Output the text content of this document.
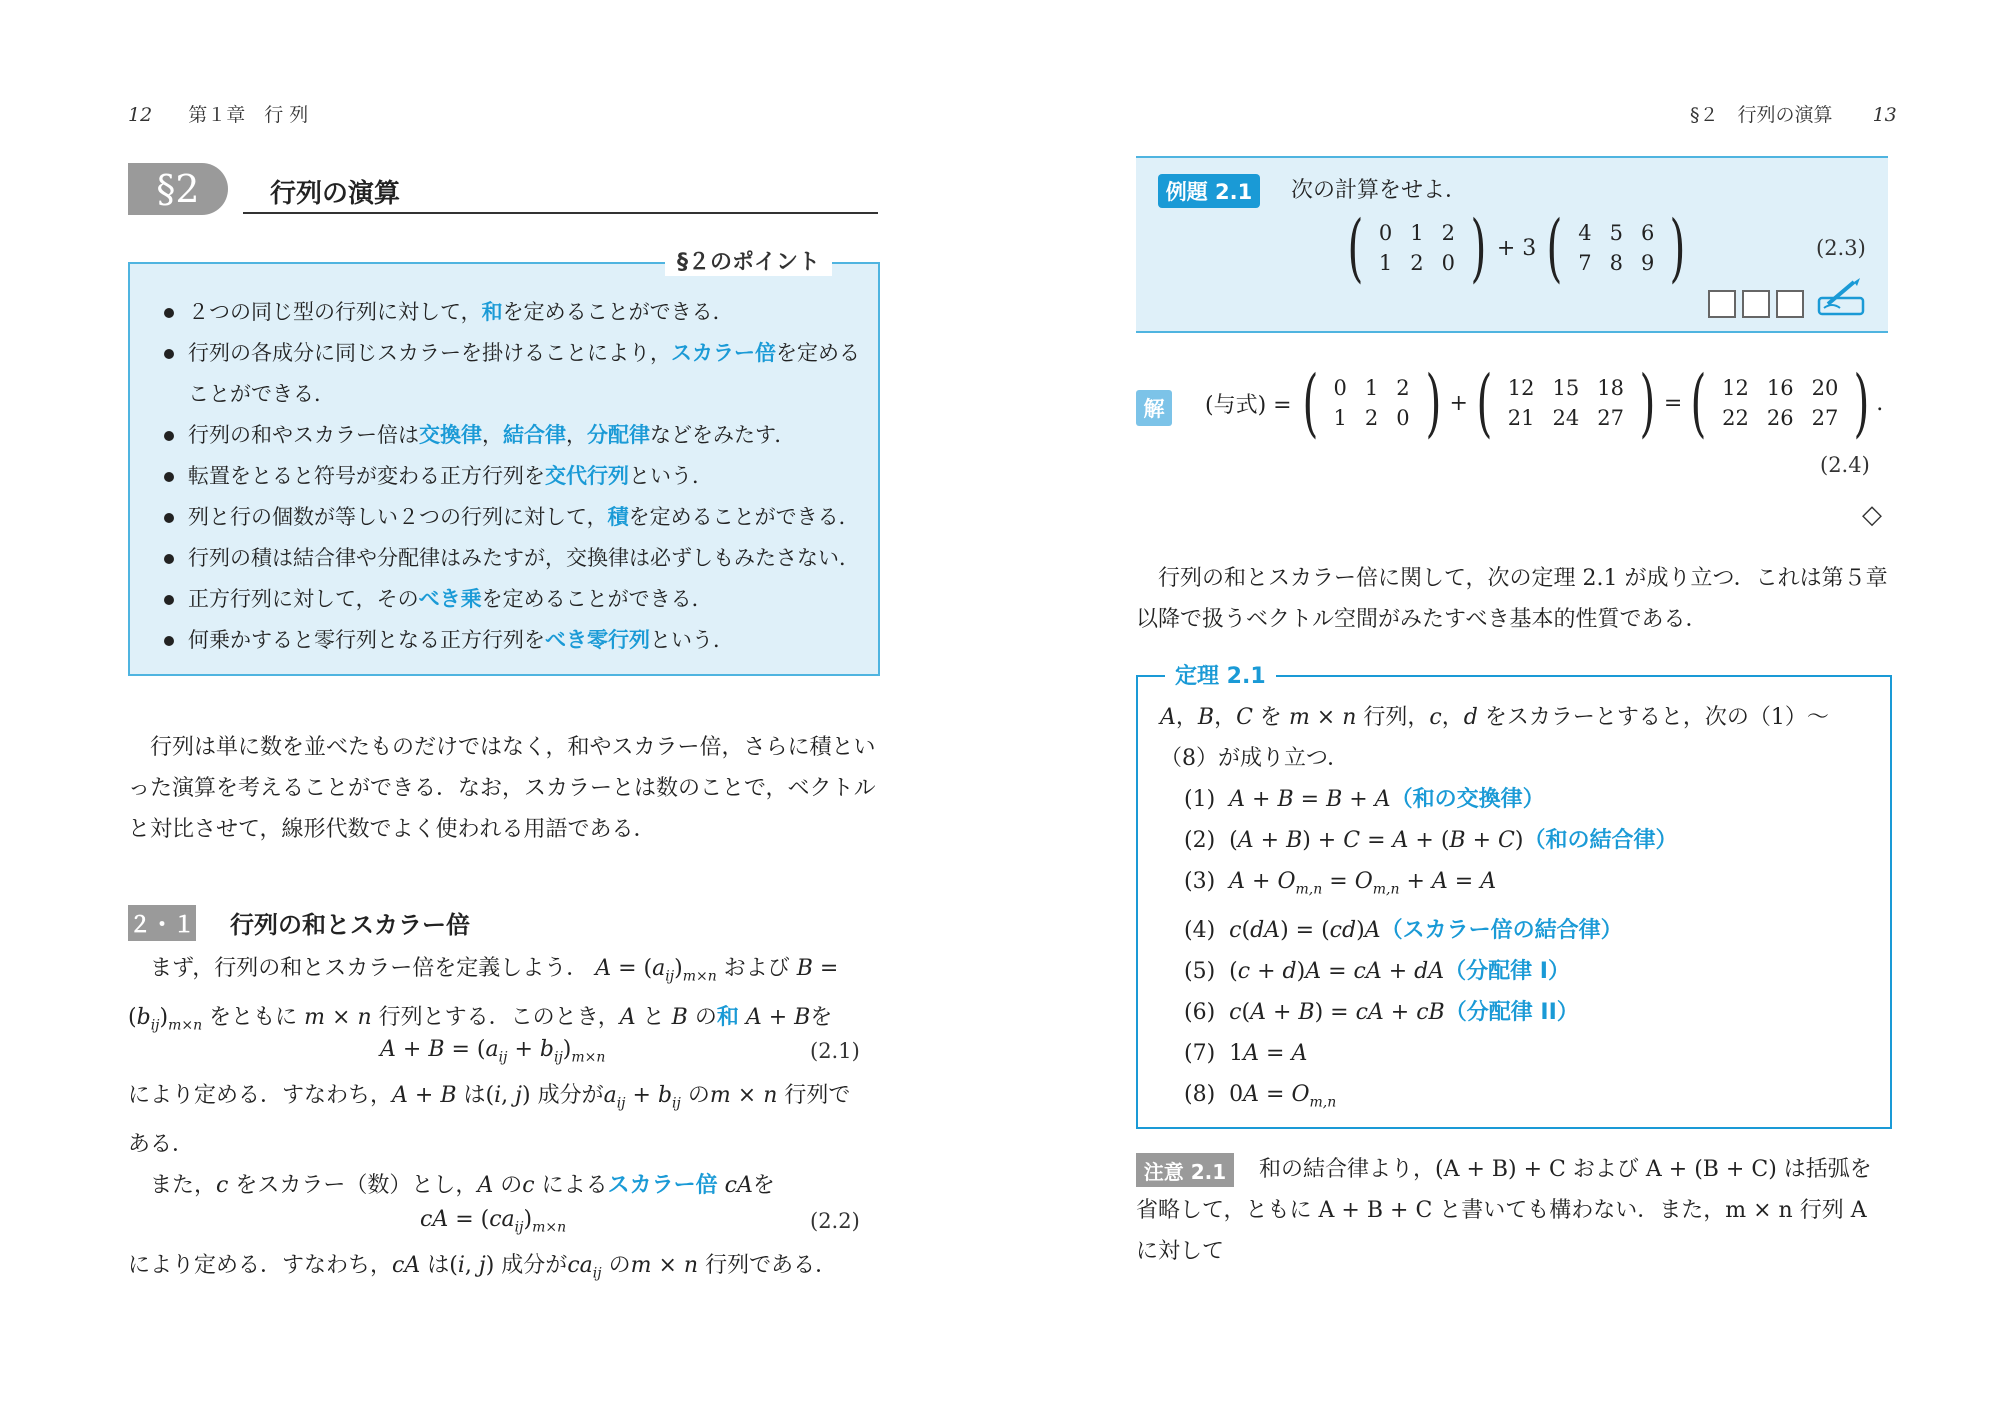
12 第１章　行 列
§2	行列の演算
２つの同じ型の行列に対して，和を定めることができる．
行列の各成分に同じスカラーを掛けることにより，スカラー倍を定めることができる．
行列の和やスカラー倍は交換律，結合律，分配律などをみたす．
転置をとると符号が変わる正方行列を交代行列という．
列と行の個数が等しい２つの行列に対して，積を定めることができる．
行列の積は結合律や分配律はみたすが，交換律は必ずしもみたさない．
正方行列に対して，そのべき乗を定めることができる．
何乗かすると零行列となる正方行列をべき零行列という．
§２のポイント
行列は単に数を並べたものだけではなく，和やスカラー倍，さらに積といった演算を考えることができる．なお，スカラーとは数のことで，ベクトルと対比させて，線形代数でよく使われる用語である．
２・１ 行列の和とスカラー倍
まず，行列の和とスカラー倍を定義しよう． $A = (a_{ij})_{m\times n}$ および B =
$(b_{ij})_{m\times n}$ をともに m × n 行列とする．このとき，A と B の和 A + Bを
$A + B = (a_{ij} + b_{ij})_{m\times n}$	(2.1)
により定める．すなわち，A + B は(i, j) 成分が$a_{ij} + b_{ij}$ のm × n 行列で
ある．
また，c をスカラー（数）とし，A のc によるスカラー倍 cAを
cA = $(ca_{ij})_{m\times n}$	(2.2)
により定める．すなわち，cA は(i, j) 成分が$ca_{ij}$ のm × n 行列である．
§２　行列の演算 13
例題 2.1	次の計算をせよ．
( 0	1	2
1	2	0 ) + 3 ( 4	5	6
7	8	9 )	(2.3)
解	(与式) = ( 0	1	2
1	2	0 ) + ( 12	15	18
21	24	27 ) = ( 12	16	20
22	26	27 ) .
(2.4)
◇
行列の和とスカラー倍に関して，次の定理 2.1 が成り立つ．これは第５章以降で扱うベクトル空間がみたすべき基本的性質である．
A，B，C を m × n 行列，c，d をスカラーとすると，次の（1）～（8）が成り立つ．
(1) A + B = B + A（和の交換律）
(2)  (A + B) + C = A + (B + C)（和の結合律）
(3) $A + O_{m,n} = O_{m,n} + A = A$
(4) c(dA) = (cd)A（スカラー倍の結合律）
(5)  (c + d)A = cA + dA（分配律 I）
(6) c(A + B) = cA + cB（分配律 II）
(7)  1A = A
(8)  $0A = O_{m,n}$
定理 2.1
注意 2.1	和の結合律より，(A + B) + C および A + (B + C) は括弧を省略して，ともに A + B + C と書いても構わない．また，m × n 行列 A に対して
